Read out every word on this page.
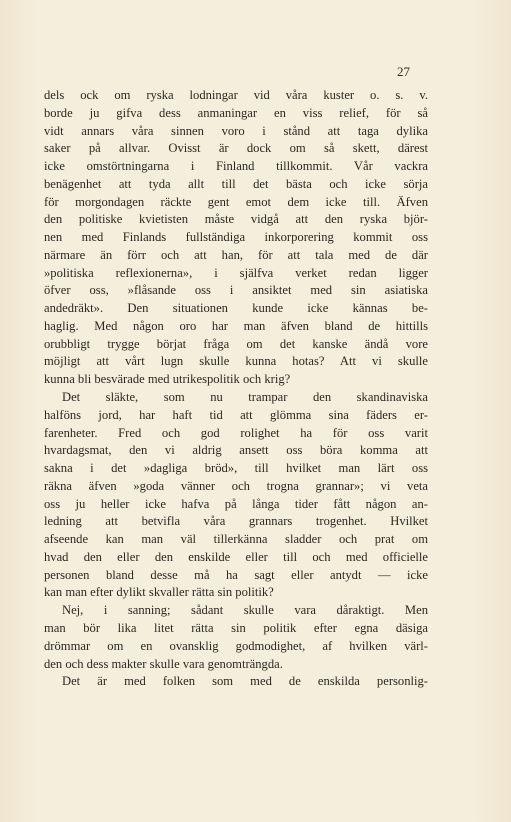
27
dels ock om ryska lodningar vid våra kuster o. s. v.
borde ju gifva dess anmaningar en viss relief, för så
vidt annars våra sinnen voro i stånd att taga dylika
saker på allvar. Ovisst är dock om så skett, därest
icke omstörtningarna i Finland tillkommit. Vår vackra
benägenhet att tyda allt till det bästa och icke sörja
för morgondagen räckte gent emot dem icke till. Äfven
den politiske kvietisten måste vidgå att den ryska björ-
nen med Finlands fullständiga inkorporering kommit oss
närmare än förr och att han, för att tala med de där
»politiska reflexionerna», i själfva verket redan ligger
öfver oss, »flåsande oss i ansiktet med sin asiatiska
andedräkt». Den situationen kunde icke kännas be-
haglig. Med någon oro har man äfven bland de hittills
orubbligt trygge börjat fråga om det kanske ändå vore
möjligt att vårt lugn skulle kunna hotas? Att vi skulle
kunna bli besvärade med utrikespolitik och krig?
Det släkte, som nu trampar den skandinaviska
halföns jord, har haft tid att glömma sina fäders er-
farenheter. Fred och god rolighet ha för oss varit
hvardagsmat, den vi aldrig ansett oss böra komma att
sakna i det »dagliga bröd», till hvilket man lärt oss
räkna äfven »goda vänner och trogna grannar»; vi veta
oss ju heller icke hafva på långa tider fått någon an-
ledning att betvifla våra grannars trogenhet. Hvilket
afseende kan man väl tillerkänna sladder och prat om
hvad den eller den enskilde eller till och med officielle
personen bland desse må ha sagt eller antydt — icke
kan man efter dylikt skvaller rätta sin politik?
Nej, i sanning; sådant skulle vara dåraktigt. Men
man bör lika litet rätta sin politik efter egna däsiga
drömmar om en ovansklig godmodighet, af hvilken värl-
den och dess makter skulle vara genomträngda.
Det är med folken som med de enskilda personlig-
